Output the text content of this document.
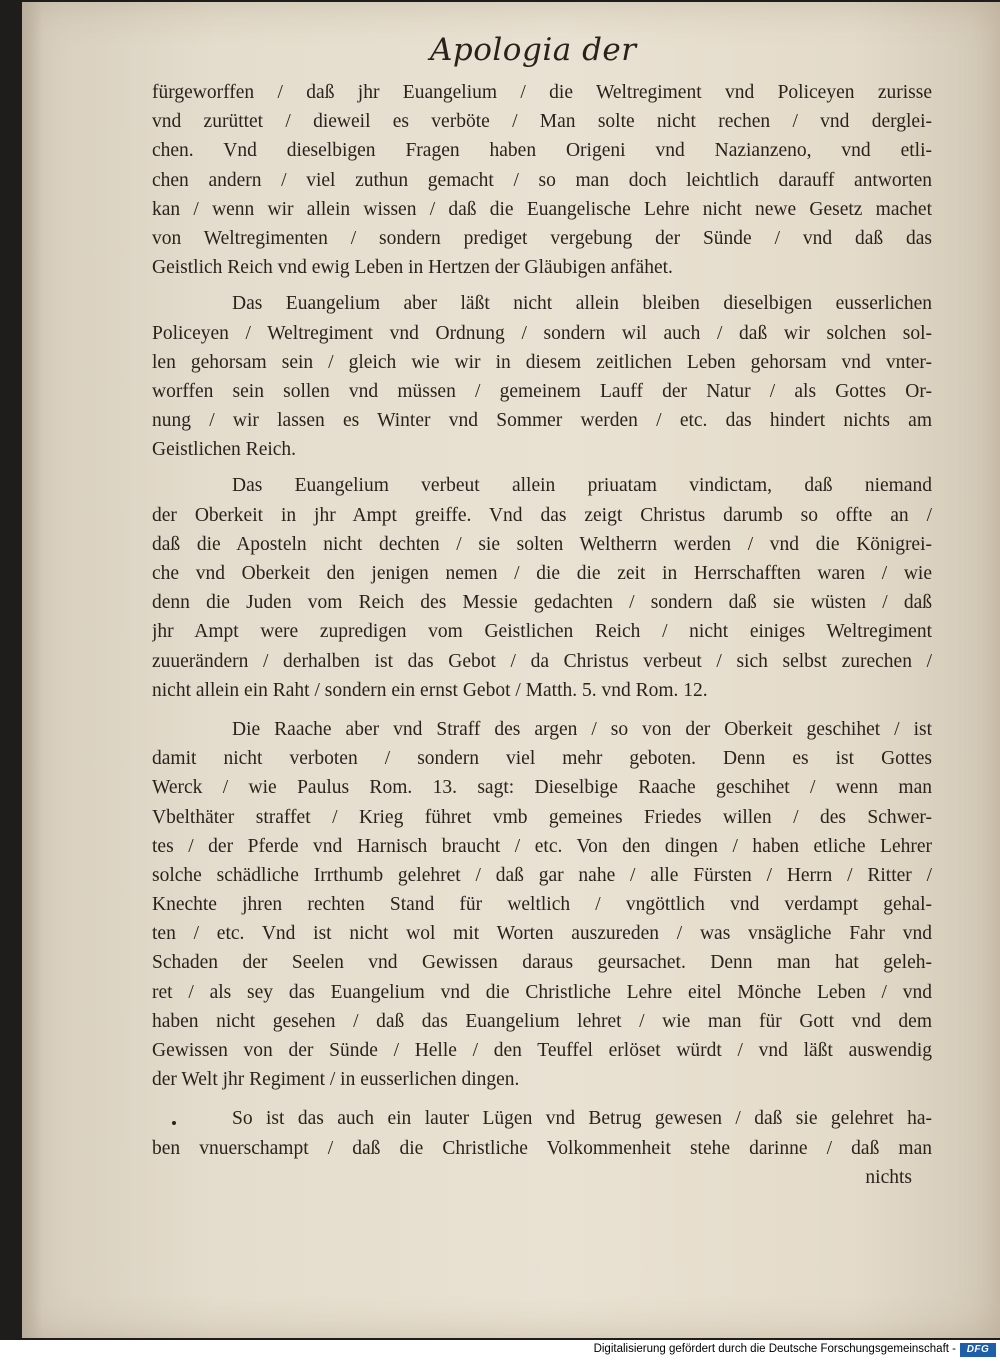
Apologia der
fürgeworffen / daß jhr Euangelium / die Weltregiment vnd Policeyen zurisse
vnd zurüttet / dieweil es verböte / Man solte nicht rechen / vnd derglei-
chen. Vnd dieselbigen Fragen haben Origeni vnd Nazianzeno, vnd etli-
chen andern / viel zuthun gemacht / so man doch leichtlich darauff antworten
kan / wenn wir allein wissen / daß die Euangelische Lehre nicht newe Gesetz machet
von Weltregimenten / sondern prediget vergebung der Sünde / vnd daß das
Geistlich Reich vnd ewig Leben in Hertzen der Gläubigen anfähet.
Das Euangelium aber läßt nicht allein bleiben dieselbigen eusserlichen
Policeyen / Weltregiment vnd Ordnung / sondern wil auch / daß wir solchen sol-
len gehorsam sein / gleich wie wir in diesem zeitlichen Leben gehorsam vnd vnter-
worffen sein sollen vnd müssen / gemeinem Lauff der Natur / als Gottes Or-
nung / wir lassen es Winter vnd Sommer werden / etc. das hindert nichts am
Geistlichen Reich.
Das Euangelium verbeut allein priuatam vindictam, daß niemand
der Oberkeit in jhr Ampt greiffe. Vnd das zeigt Christus darumb so offte an /
daß die Aposteln nicht dechten / sie solten Weltherrn werden / vnd die Königrei-
che vnd Oberkeit den jenigen nemen / die die zeit in Herrschafften waren / wie
denn die Juden vom Reich des Messie gedachten / sondern daß sie wüsten / daß
jhr Ampt were zupredigen vom Geistlichen Reich / nicht einiges Weltregiment
zuuerändern / derhalben ist das Gebot / da Christus verbeut / sich selbst zurechen /
nicht allein ein Raht / sondern ein ernst Gebot / Matth. 5. vnd Rom. 12.
Die Raache aber vnd Straff des argen / so von der Oberkeit geschihet / ist
damit nicht verboten / sondern viel mehr geboten. Denn es ist Gottes
Werck / wie Paulus Rom. 13. sagt: Dieselbige Raache geschihet / wenn man
Vbelthäter straffet / Krieg führet vmb gemeines Friedes willen / des Schwer-
tes / der Pferde vnd Harnisch braucht / etc. Von den dingen / haben etliche Lehrer
solche schädliche Irrthumb gelehret / daß gar nahe / alle Fürsten / Herrn / Ritter /
Knechte jhren rechten Stand für weltlich / vngöttlich vnd verdampt gehal-
ten / etc. Vnd ist nicht wol mit Worten auszureden / was vnsägliche Fahr vnd
Schaden der Seelen vnd Gewissen daraus geursachet. Denn man hat geleh-
ret / als sey das Euangelium vnd die Christliche Lehre eitel Mönche Leben / vnd
haben nicht gesehen / daß das Euangelium lehret / wie man für Gott vnd dem
Gewissen von der Sünde / Helle / den Teuffel erlöset würdt / vnd läßt auswendig
der Welt jhr Regiment / in eusserlichen dingen.
So ist das auch ein lauter Lügen vnd Betrug gewesen / daß sie gelehret ha-
ben vnuerschampt / daß die Christliche Volkommenheit stehe darinne / daß man
nichts
Digitalisierung gefördert durch die Deutsche Forschungsgemeinschaft -	DFG
